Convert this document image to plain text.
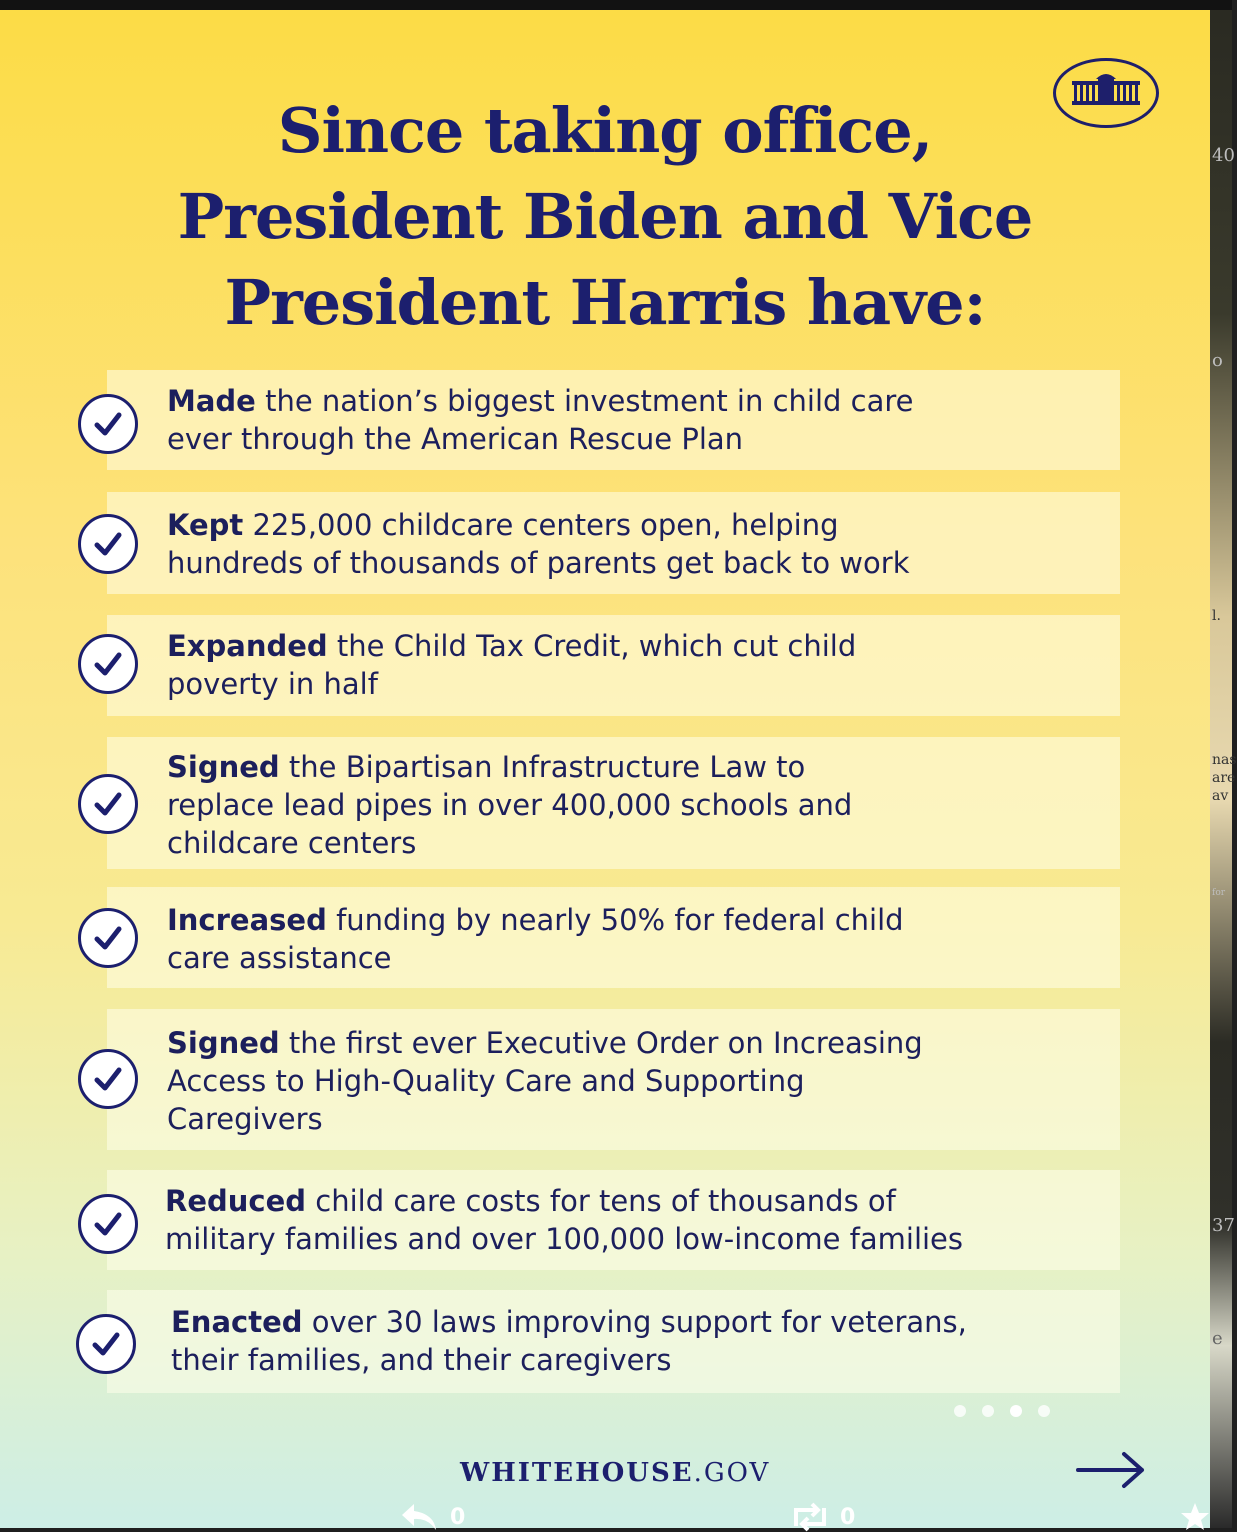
40
o
l.
nas
are
av
for
37
e
Since taking office,
President Biden and Vice
President Harris have:
Made the nation’s biggest investment in child care
ever through the American Rescue Plan
Kept 225,000 childcare centers open, helping
hundreds of thousands of parents get back to work
Expanded the Child Tax Credit, which cut child
poverty in half
Signed the Bipartisan Infrastructure Law to
replace lead pipes in over 400,000 schools and
childcare centers
Increased funding by nearly 50% for federal child
care assistance
Signed the first ever Executive Order on Increasing
Access to High-Quality Care and Supporting
Caregivers
Reduced child care costs for tens of thousands of
military families and over 100,000 low-income families
Enacted over 30 laws improving support for veterans,
their families, and their caregivers
WHITEHOUSE.GOV
0	0
